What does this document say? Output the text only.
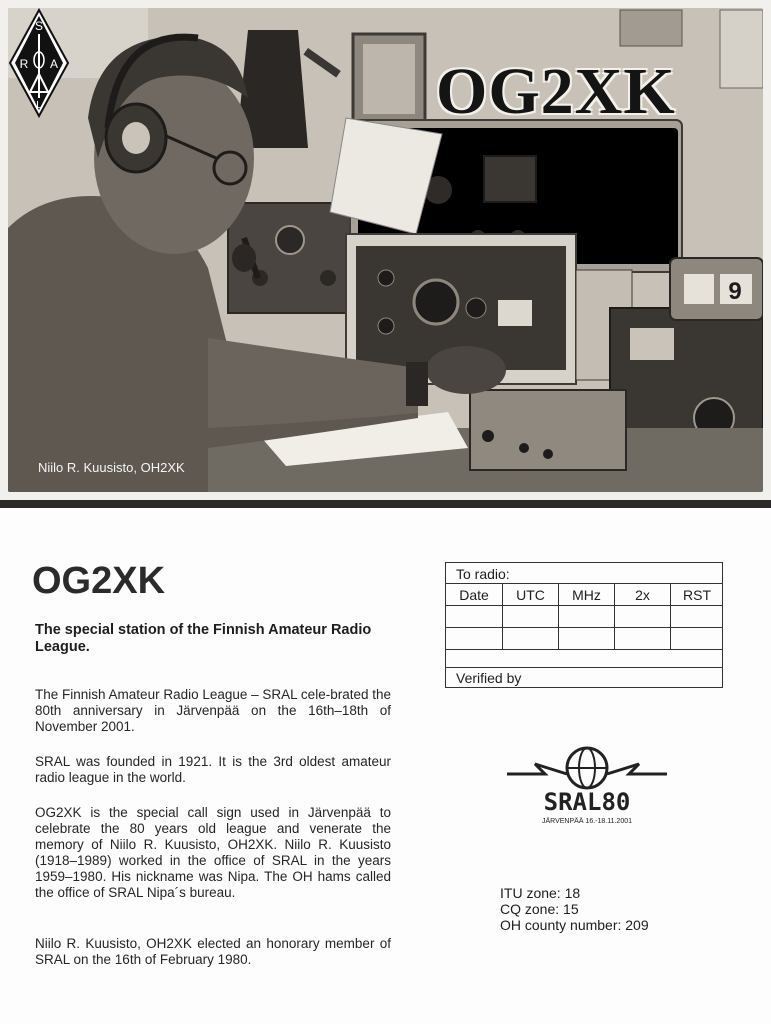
9
OG2XK
S
R A
L
Niilo R. Kuusisto, OH2XK
OG2XK
The special station of the Finnish Amateur Radio League.
The Finnish Amateur Radio League – SRAL cele-brated the 80th anniversary in Järvenpää on the 16th–18th of November 2001.
SRAL was founded in 1921. It is the 3rd oldest amateur radio league in the world.
OG2XK is the special call sign used in Järvenpää to celebrate the 80 years old league and venerate the memory of Niilo R. Kuusisto, OH2XK. Niilo R. Kuusisto (1918–1989) worked in the office of SRAL in the years 1959–1980. His nickname was Nipa. The OH hams called the office of SRAL Nipa´s bureau.
Niilo R. Kuusisto, OH2XK elected an honorary member of SRAL on the 16th of February 1980.
To radio:
Date	UTC	MHz	2x	RST

Verified by
SRAL80
JÄRVENPÄÄ 16.-18.11.2001
ITU zone: 18
CQ zone: 15
OH county number: 209
